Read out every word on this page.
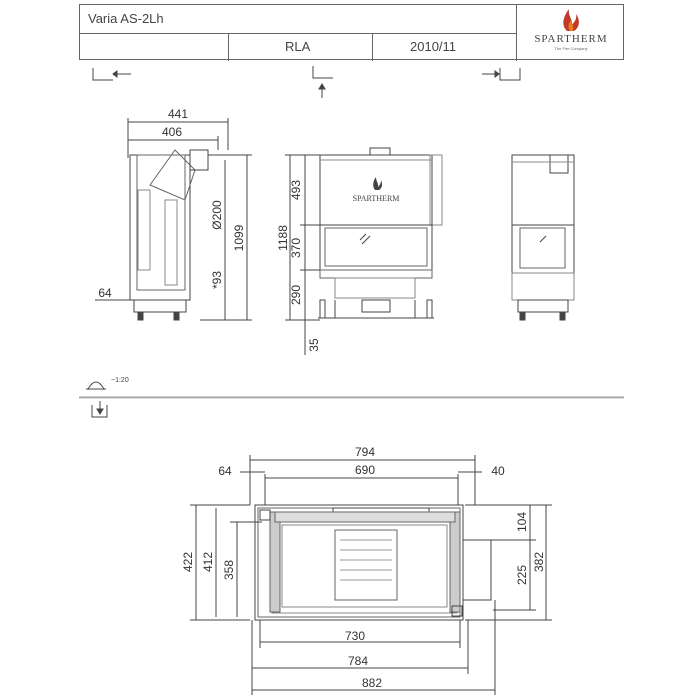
Varia AS-2Lh
RLA	2010/11	SPARTHERM
The Fire Company
SPARTHERM
441
406
Ø200
1099
*93
64
1188
493
370
290
35
794
690
64	40
422 412 358
104
225
382
730
784
882
~1:20
